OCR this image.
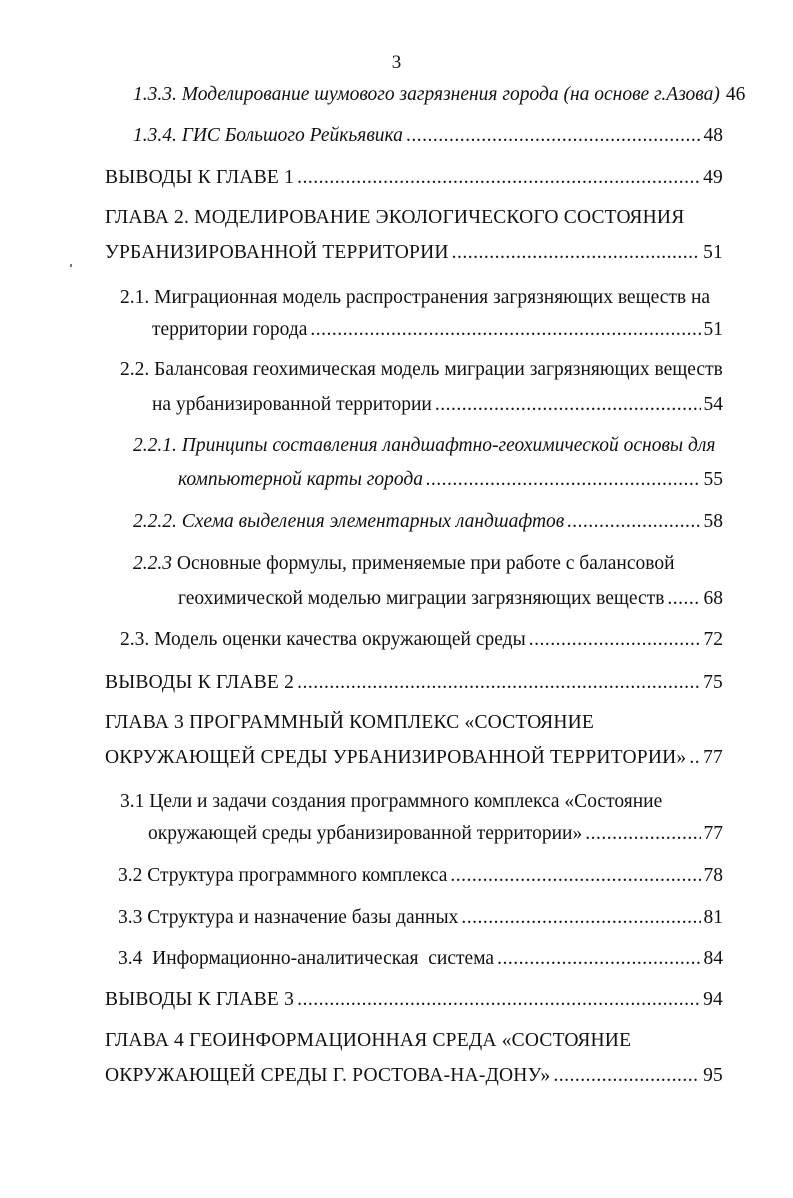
3
1.3.3. Моделирование шумового загрязнения города (на основе г.Азова) 46
1.3.4. ГИС Большого Рейкьявика .....	48
ВЫВОДЫ К ГЛАВЕ 1 .....	49
ГЛАВА 2. МОДЕЛИРОВАНИЕ ЭКОЛОГИЧЕСКОГО СОСТОЯНИЯ
УРБАНИЗИРОВАННОЙ ТЕРРИТОРИИ .....	51
2.1. Миграционная модель распространения загрязняющих веществ на
территории города .....	51
2.2. Балансовая геохимическая модель миграции загрязняющих веществ
на урбанизированной территории .....	54
2.2.1. Принципы составления ландшафтно-геохимической основы для
компьютерной карты города .....	55
2.2.2. Схема выделения элементарных ландшафтов .....	58
2.2.3 Основные формулы, применяемые при работе с балансовой
геохимической моделью миграции загрязняющих веществ ..... 68
2.3. Модель оценки качества окружающей среды .....	72
ВЫВОДЫ К ГЛАВЕ 2 .....	75
ГЛАВА 3 ПРОГРАММНЫЙ КОМПЛЕКС «СОСТОЯНИЕ
ОКРУЖАЮЩЕЙ СРЕДЫ УРБАНИЗИРОВАННОЙ ТЕРРИТОРИИ» ..... 77
3.1 Цели и задачи создания программного комплекса «Состояние
окружающей среды урбанизированной территории» .....	77
3.2 Структура программного комплекса .....	78
3.3 Структура и назначение базы данных .....	81
3.4  Информационно-аналитическая  система .....	84
ВЫВОДЫ К ГЛАВЕ 3 .....	94
ГЛАВА 4 ГЕОИНФОРМАЦИОННАЯ СРЕДА «СОСТОЯНИЕ
ОКРУЖАЮЩЕЙ СРЕДЫ Г. РОСТОВА-НА-ДОНУ» .....	95
